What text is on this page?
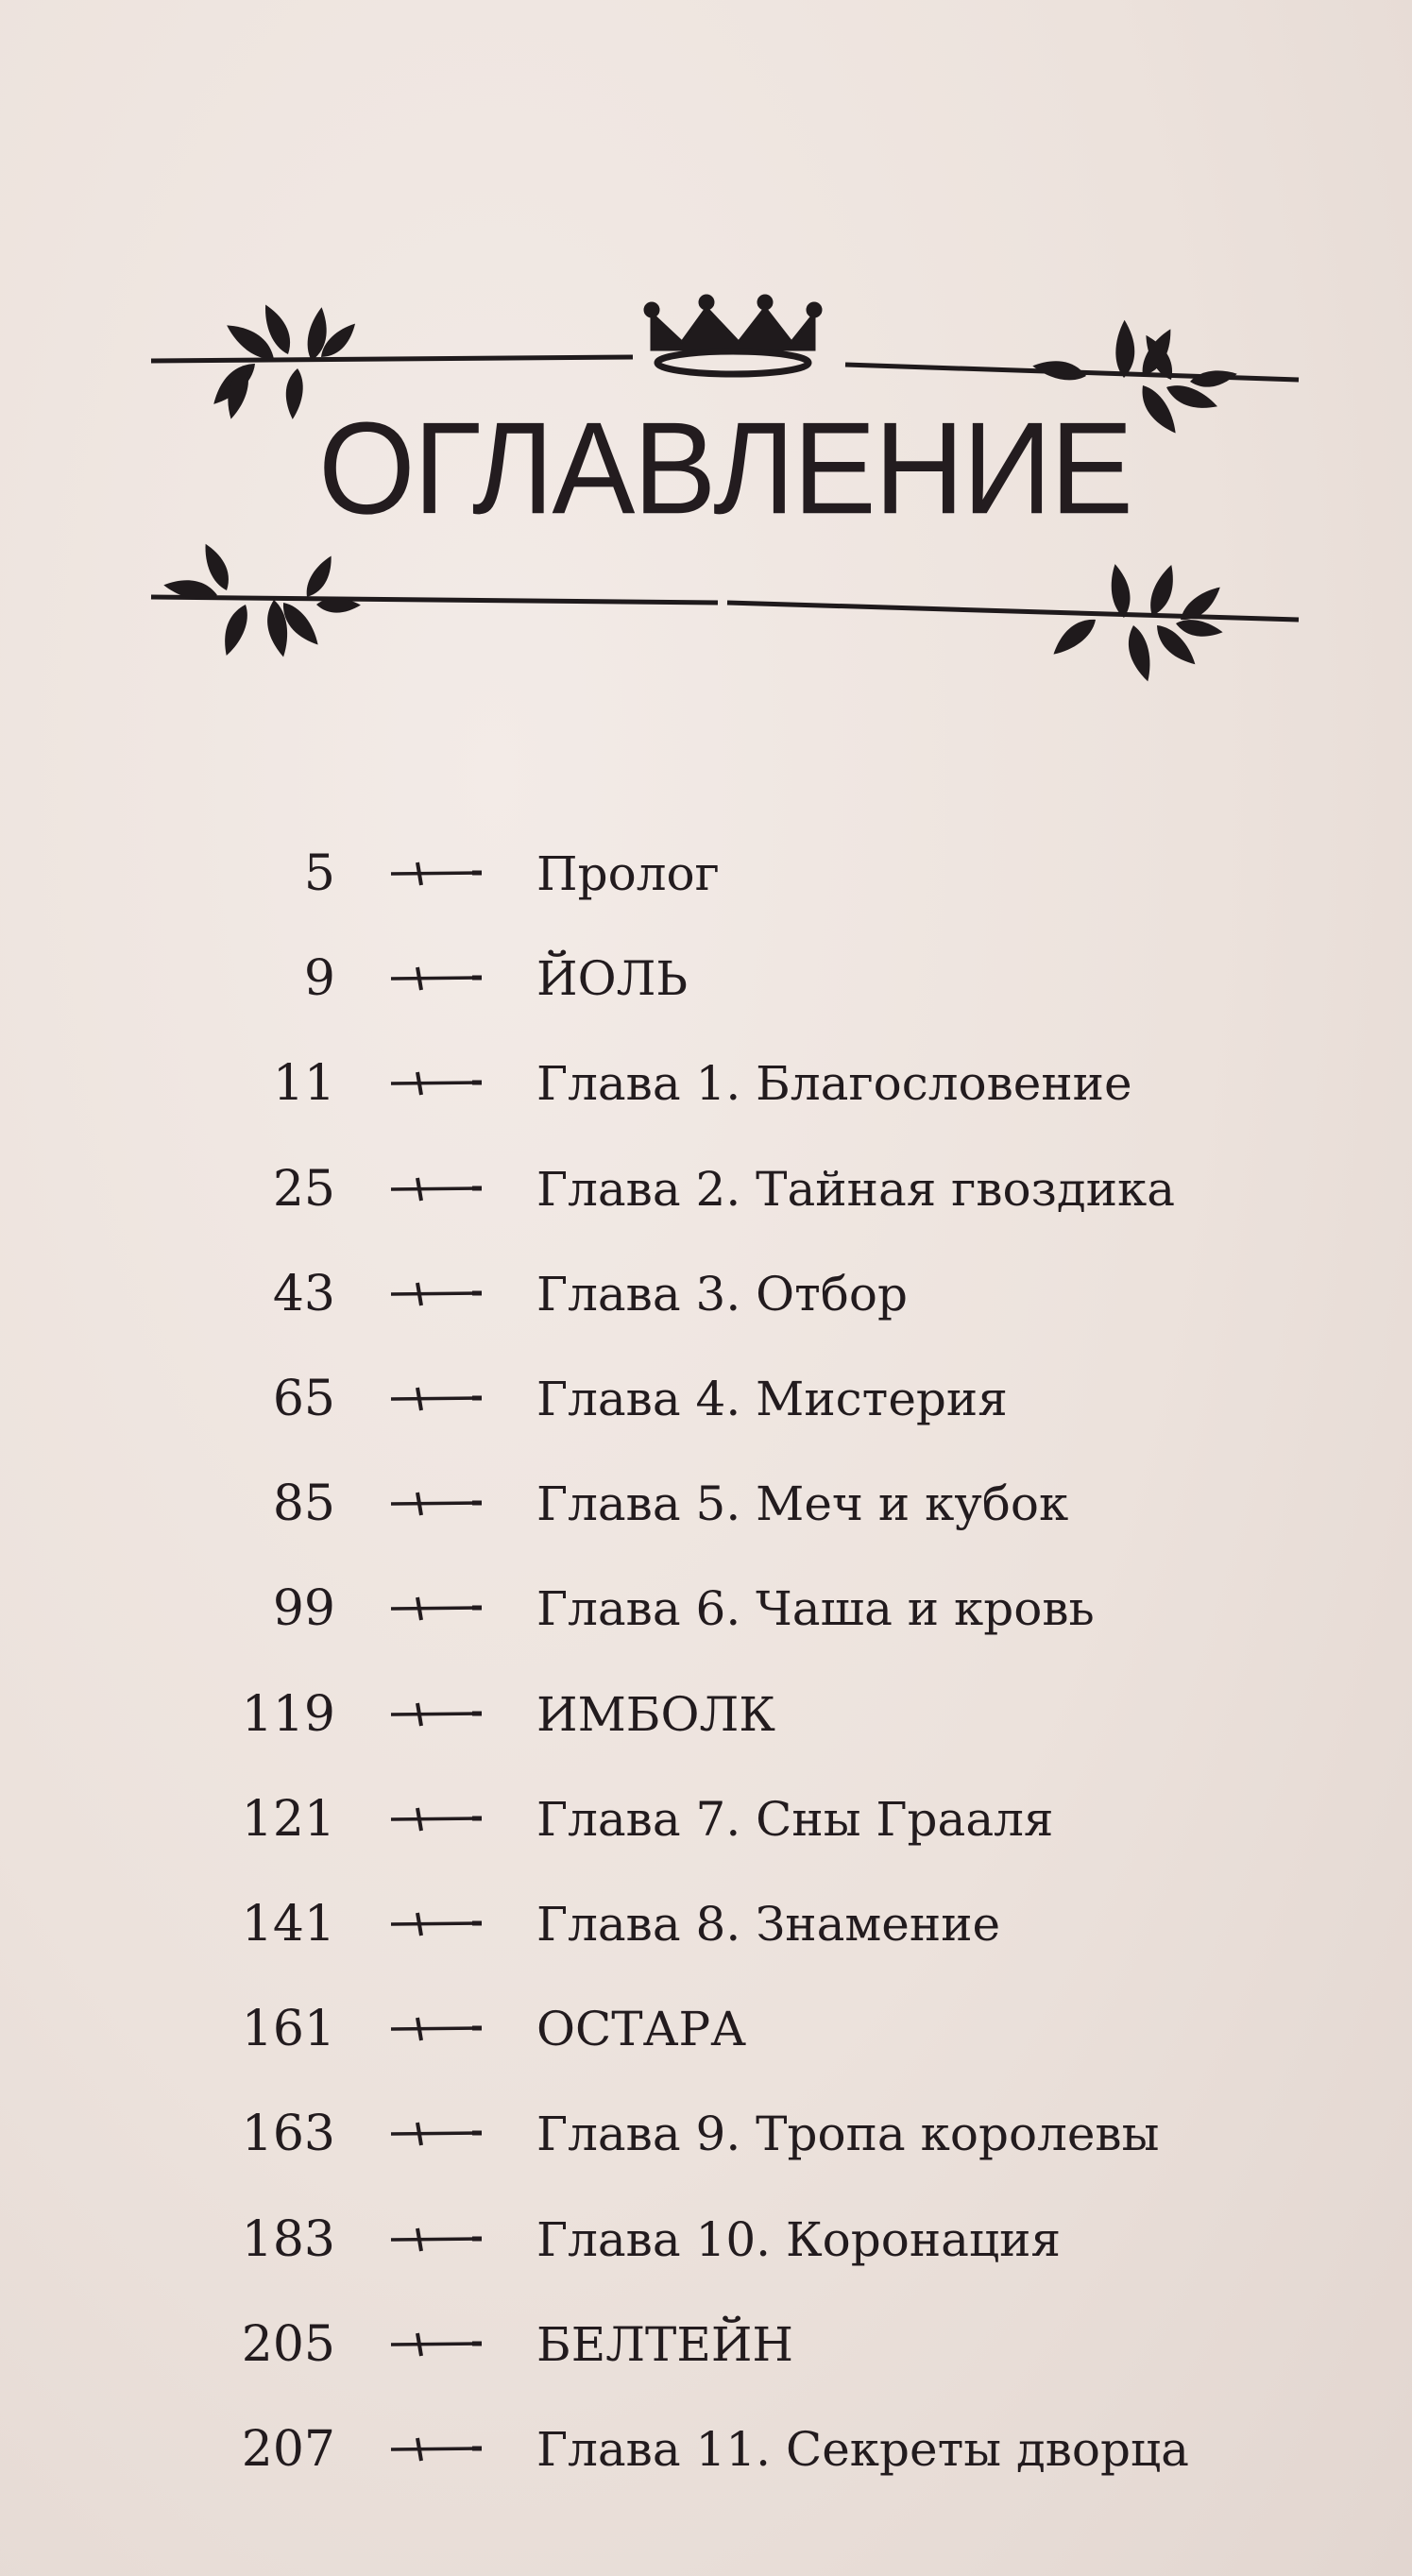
ОГЛАВЛЕНИЕ
5	Пролог
9	ЙОЛЬ
11	Глава 1. Благословение
25	Глава 2. Тайная гвоздика
43	Глава 3. Отбор
65	Глава 4. Мистерия
85	Глава 5. Меч и кубок
99	Глава 6. Чаша и кровь
119	ИМБОЛК
121	Глава 7. Сны Грааля
141	Глава 8. Знамение
161	ОСТАРА
163	Глава 9. Тропа королевы
183	Глава 10. Коронация
205	БЕЛТЕЙН
207	Глава 11. Секреты дворца
